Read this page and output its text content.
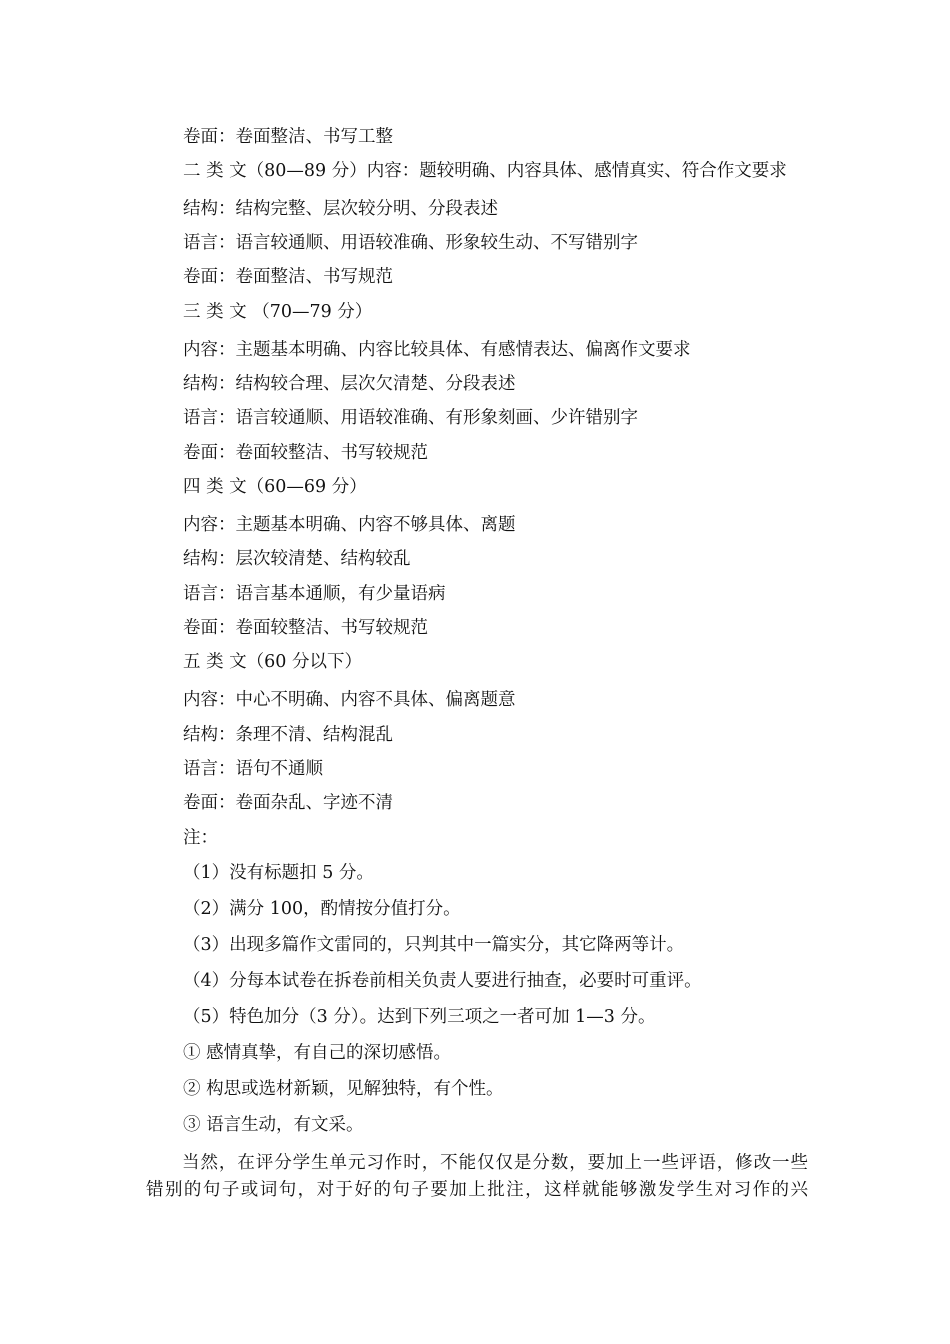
卷面：卷面整洁、书写工整
二 类 文（80—89 分）内容：题较明确、内容具体、感情真实、符合作文要求
结构：结构完整、层次较分明、分段表述
语言：语言较通顺、用语较准确、形象较生动、不写错别字
卷面：卷面整洁、书写规范
三 类 文 （70—79 分）
内容：主题基本明确、内容比较具体、有感情表达、偏离作文要求
结构：结构较合理、层次欠清楚、分段表述
语言：语言较通顺、用语较准确、有形象刻画、少许错别字
卷面：卷面较整洁、书写较规范
四 类 文（60—69 分）
内容：主题基本明确、内容不够具体、离题
结构：层次较清楚、结构较乱
语言：语言基本通顺，有少量语病
卷面：卷面较整洁、书写较规范
五 类 文（60 分以下）
内容：中心不明确、内容不具体、偏离题意
结构：条理不清、结构混乱
语言：语句不通顺
卷面：卷面杂乱、字迹不清
注：
（1）没有标题扣 5 分。
（2）满分 100，酌情按分值打分。
（3）出现多篇作文雷同的，只判其中一篇实分，其它降两等计。
（4）分每本试卷在拆卷前相关负责人要进行抽查，必要时可重评。
（5）特色加分（3 分）。达到下列三项之一者可加 1—3 分。
① 感情真挚，有自己的深切感悟。
② 构思或选材新颖，见解独特，有个性。
③ 语言生动，有文采。
当然，在评分学生单元习作时，不能仅仅是分数，要加上一些评语，修改一些
错别的句子或词句，对于好的句子要加上批注，这样就能够激发学生对习作的兴
